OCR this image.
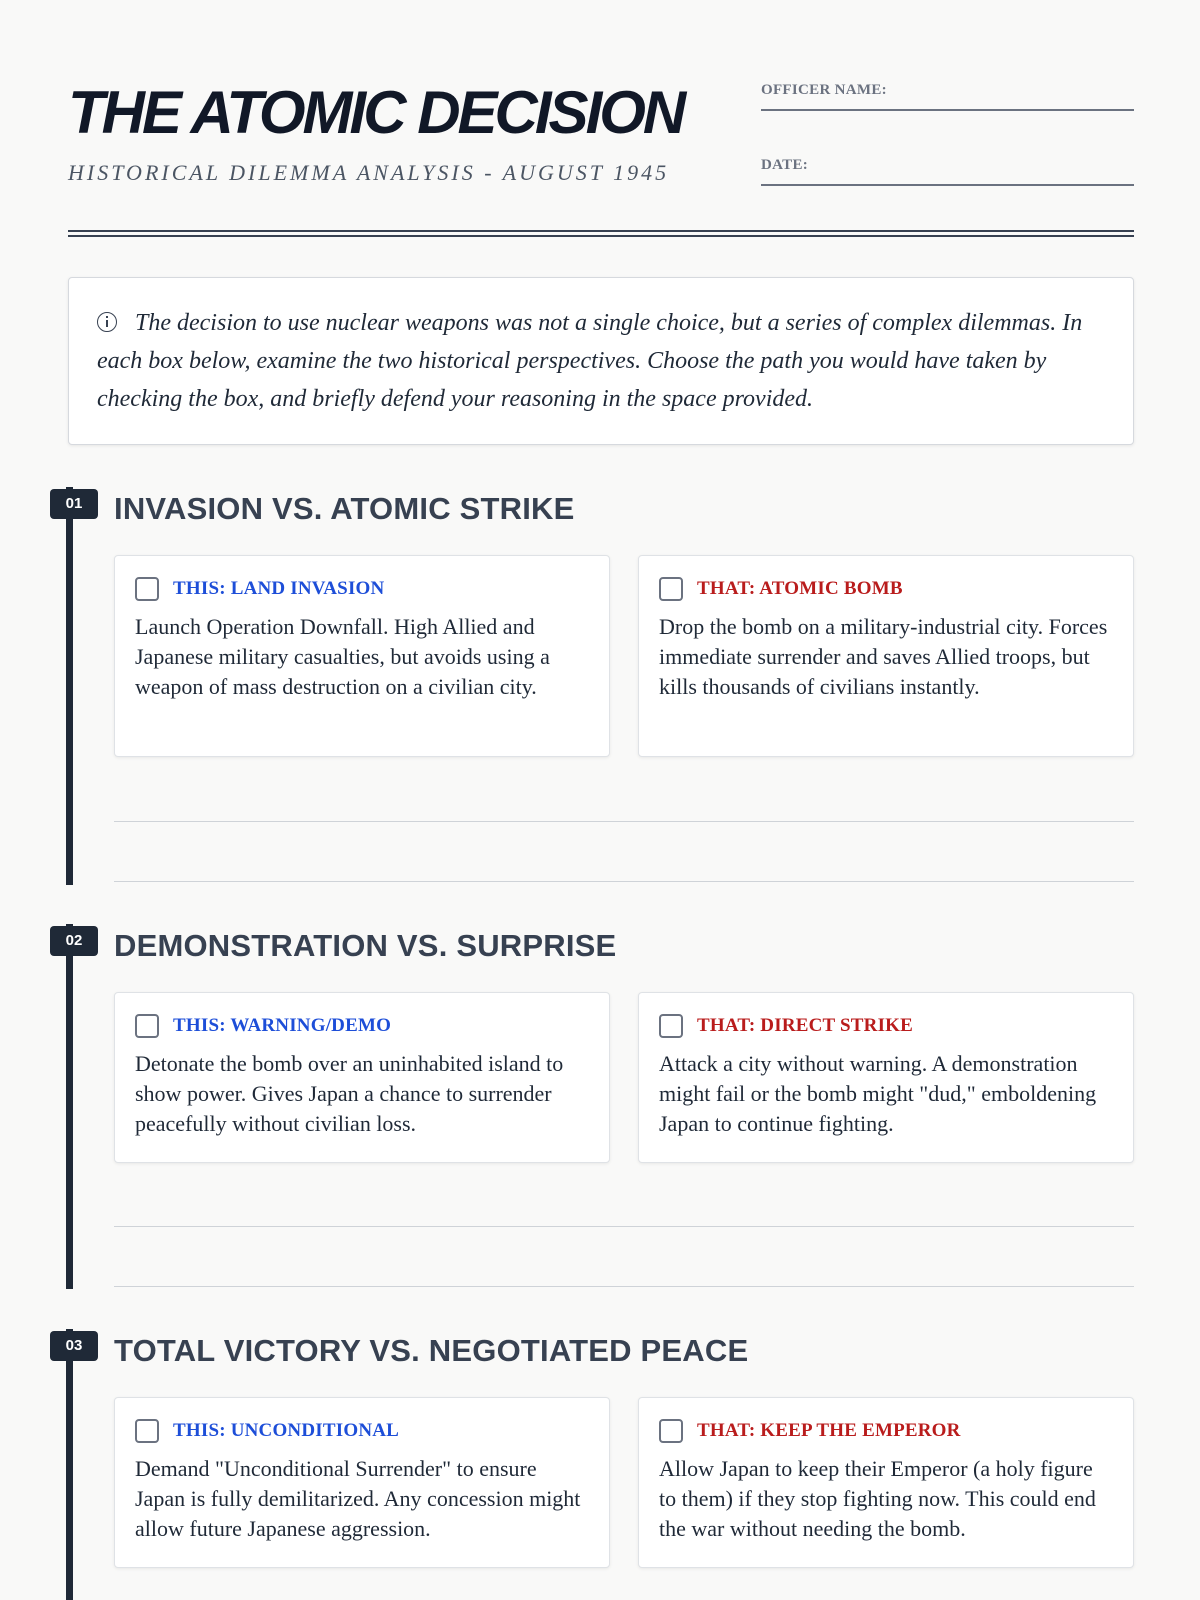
THE ATOMIC DECISION
HISTORICAL DILEMMA ANALYSIS - AUGUST 1945
OFFICER NAME:
DATE:
The decision to use nuclear weapons was not a single choice, but a series of complex dilemmas. In each box below, examine the two historical perspectives. Choose the path you would have taken by checking the box, and briefly defend your reasoning in the space provided.
01	INVASION VS. ATOMIC STRIKE
THIS: LAND INVASION
Launch Operation Downfall. High Allied and Japanese military casualties, but avoids using a weapon of mass destruction on a civilian city.
THAT: ATOMIC BOMB
Drop the bomb on a military-industrial city. Forces immediate surrender and saves Allied troops, but kills thousands of civilians instantly.
02	DEMONSTRATION VS. SURPRISE
THIS: WARNING/DEMO
Detonate the bomb over an uninhabited island to show power. Gives Japan a chance to surrender peacefully without civilian loss.
THAT: DIRECT STRIKE
Attack a city without warning. A demonstration might fail or the bomb might "dud," emboldening Japan to continue fighting.
03	TOTAL VICTORY VS. NEGOTIATED PEACE
THIS: UNCONDITIONAL
Demand "Unconditional Surrender" to ensure Japan is fully demilitarized. Any concession might allow future Japanese aggression.
THAT: KEEP THE EMPEROR
Allow Japan to keep their Emperor (a holy figure to them) if they stop fighting now. This could end the war without needing the bomb.
